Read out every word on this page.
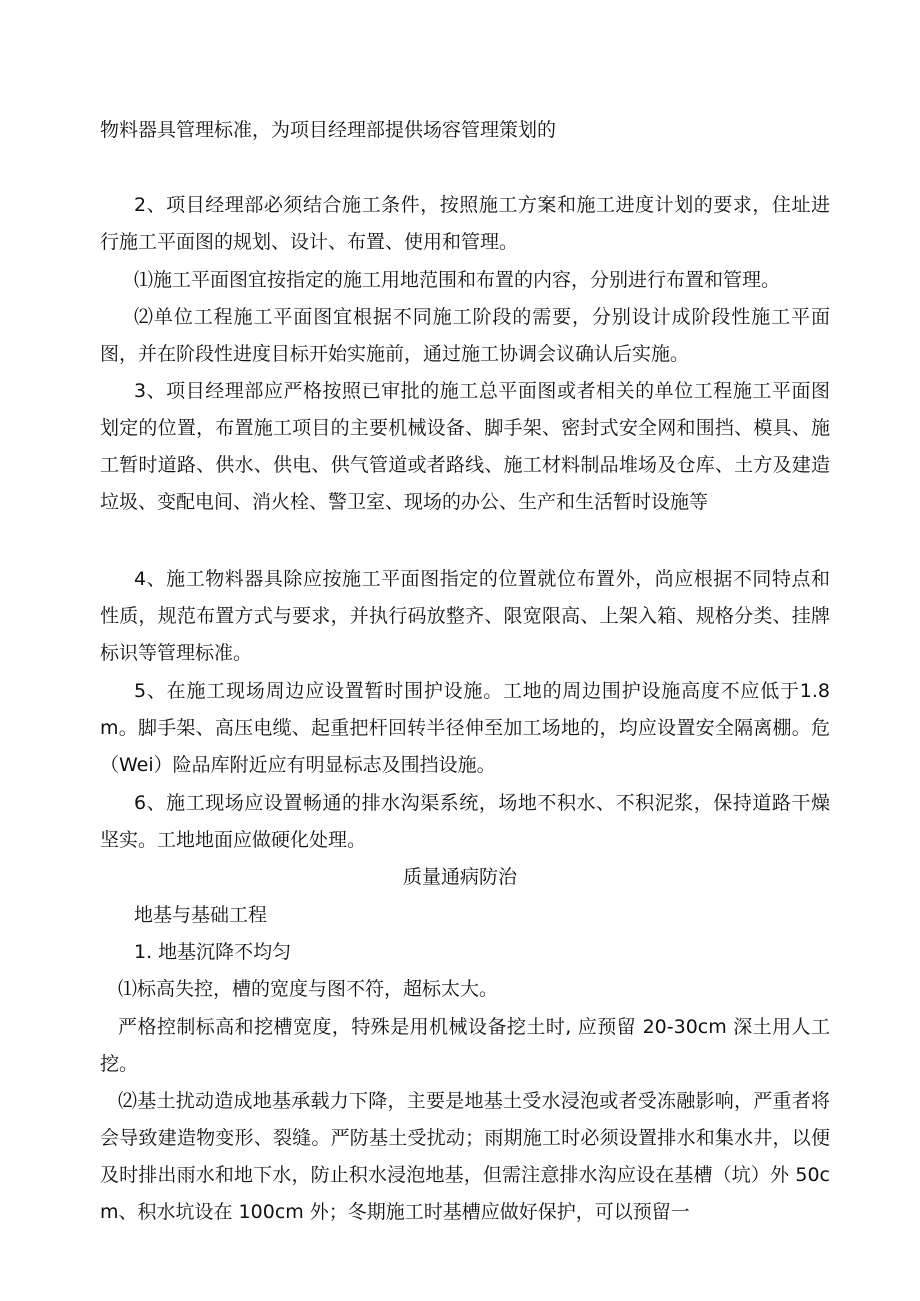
物料器具管理标准，为项目经理部提供场容管理策划的

2、项目经理部必须结合施工条件，按照施工方案和施工进度计划的要求，住址进行施工平面图的规划、设计、布置、使用和管理。

⑴施工平面图宜按指定的施工用地范围和布置的内容，分别进行布置和管理。

⑵单位工程施工平面图宜根据不同施工阶段的需要，分别设计成阶段性施工平面图，并在阶段性进度目标开始实施前，通过施工协调会议确认后实施。

3、项目经理部应严格按照已审批的施工总平面图或者相关的单位工程施工平面图划定的位置，布置施工项目的主要机械设备、脚手架、密封式安全网和围挡、模具、施工暂时道路、供水、供电、供气管道或者路线、施工材料制品堆场及仓库、土方及建造垃圾、变配电间、消火栓、警卫室、现场的办公、生产和生活暂时设施等

4、施工物料器具除应按施工平面图指定的位置就位布置外，尚应根据不同特点和性质，规范布置方式与要求，并执行码放整齐、限宽限高、上架入箱、规格分类、挂牌标识等管理标准。

5、在施工现场周边应设置暂时围护设施。工地的周边围护设施高度不应低于1.8m。脚手架、高压电缆、起重把杆回转半径伸至加工场地的，均应设置安全隔离棚。危（Wei）险品库附近应有明显标志及围挡设施。

6、施工现场应设置畅通的排水沟渠系统，场地不积水、不积泥浆，保持道路干燥坚实。工地地面应做硬化处理。

质量通病防治

地基与基础工程

1. 地基沉降不均匀

⑴标高失控，槽的宽度与图不符，超标太大。

严格控制标高和挖槽宽度，特殊是用机械设备挖土时, 应预留 20-30cm 深土用人工挖。

⑵基土扰动造成地基承载力下降，主要是地基土受水浸泡或者受冻融影响，严重者将会导致建造物变形、裂缝。严防基土受扰动；雨期施工时必须设置排水和集水井，以便及时排出雨水和地下水，防止积水浸泡地基，但需注意排水沟应设在基槽（坑）外 50cm、积水坑设在 100cm 外；冬期施工时基槽应做好保护，可以预留一
